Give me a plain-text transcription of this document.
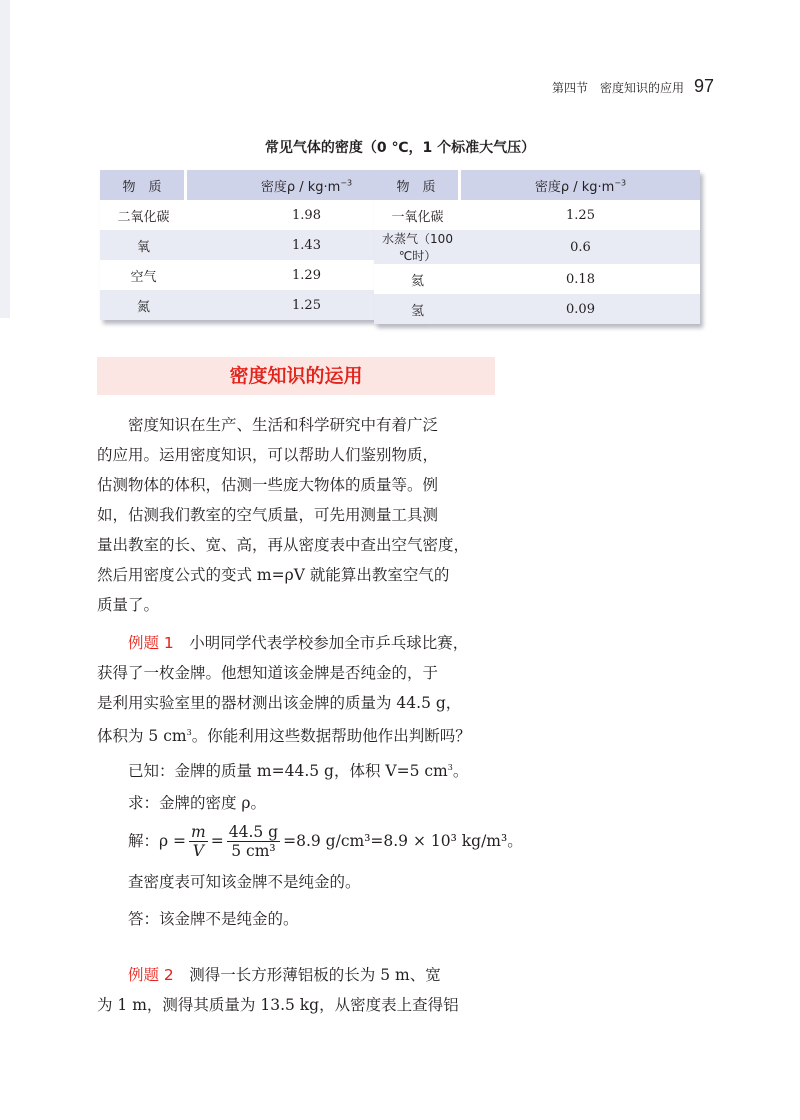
第四节　密度知识的应用 97
常见气体的密度（0 ℃，1 个标准大气压）
物　质	密度$\rho / kg\cdot m^{-3}$
二氧化碳	1.98
氧	1.43
空气	1.29
氮	1.25
物　质	密度$\rho / kg\cdot m^{-3}$
一氧化碳	1.25
水蒸气（100 ℃时）	0.6
氦	0.18
氢	0.09
密度知识的运用

密度知识在生产、生活和科学研究中有着广泛

的应用。运用密度知识，可以帮助人们鉴别物质，

估测物体的体积，估测一些庞大物体的质量等。例

如，估测我们教室的空气质量，可先用测量工具测

量出教室的长、宽、高，再从密度表中查出空气密度，

然后用密度公式的变式 m=ρV 就能算出教室空气的

质量了。

例题 1　小明同学代表学校参加全市乒乓球比赛，

获得了一枚金牌。他想知道该金牌是否纯金的，于

是利用实验室里的器材测出该金牌的质量为 44.5 g，

体积为 5 $cm^3$。你能利用这些数据帮助他作出判断吗？

已知：金牌的质量 m=44.5 g，体积 V=5 $cm^3$。
求：金牌的密度 ρ。
解：$\rho = \frac{m}{V} = \frac{44.5 g}{\text{5 cm³}} =8.9$ g/cm³=8.9 × 10³ kg/m³。
查密度表可知该金牌不是纯金的。
答：该金牌不是纯金的。

例题 2　测得一长方形薄铝板的长为 5 m、宽

为 1 m，测得其质量为 13.5 kg，从密度表上查得铝
